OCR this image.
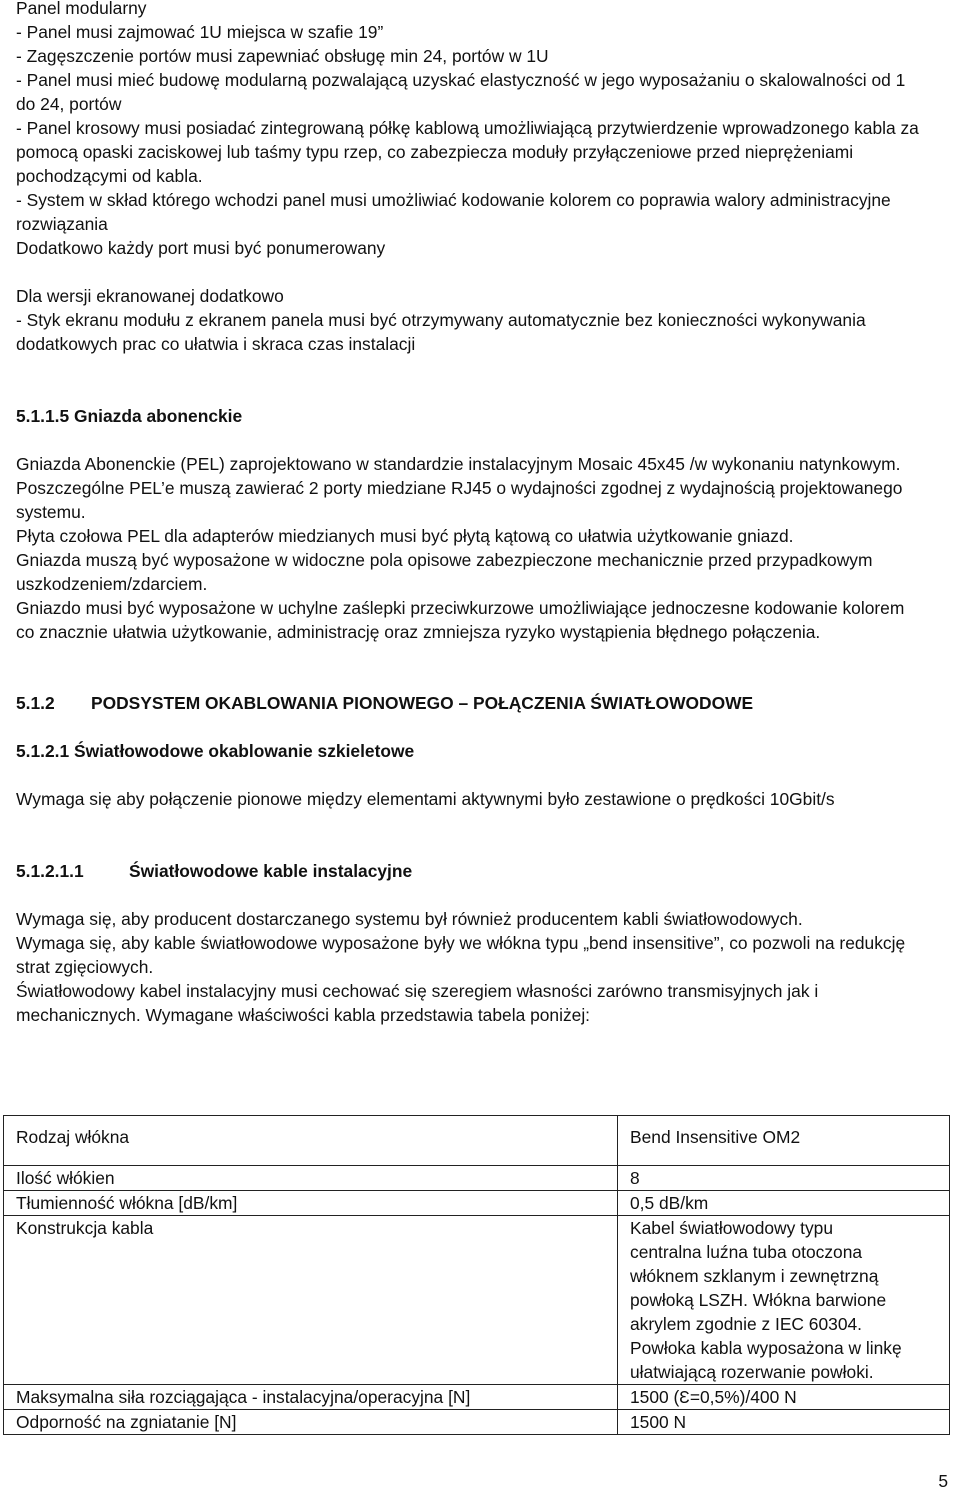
Panel modularny

- Panel musi zajmować 1U miejsca w szafie 19”

- Zagęszczenie portów musi zapewniać obsługę min 24, portów w 1U

- Panel musi mieć budowę modularną pozwalającą uzyskać elastyczność w jego wyposażaniu o skalowalności od 1 do 24, portów

- Panel krosowy musi posiadać zintegrowaną półkę kablową umożliwiającą przytwierdzenie wprowadzonego kabla za pomocą opaski zaciskowej lub taśmy typu rzep, co zabezpiecza moduły przyłączeniowe przed nieprężeniami pochodzącymi od kabla.

- System w skład którego wchodzi panel musi umożliwiać kodowanie kolorem co poprawia walory administracyjne rozwiązania

Dodatkowo każdy port musi być ponumerowany

Dla wersji ekranowanej dodatkowo

- Styk ekranu modułu z ekranem panela musi być otrzymywany automatycznie bez konieczności wykonywania dodatkowych prac co ułatwia i skraca czas instalacji

5.1.1.5 Gniazda abonenckie

Gniazda Abonenckie (PEL) zaprojektowano w standardzie instalacyjnym Mosaic 45x45 /w wykonaniu natynkowym. Poszczególne PEL’e muszą zawierać 2 porty miedziane RJ45 o wydajności zgodnej z wydajnością projektowanego systemu.

Płyta czołowa PEL dla adapterów miedzianych musi być płytą kątową co ułatwia użytkowanie gniazd.

Gniazda muszą być wyposażone w widoczne pola opisowe zabezpieczone mechanicznie przed przypadkowym uszkodzeniem/zdarciem.

Gniazdo musi być wyposażone w uchylne zaślepki przeciwkurzowe umożliwiające jednoczesne kodowanie kolorem co znacznie ułatwia użytkowanie, administrację oraz zmniejsza ryzyko wystąpienia błędnego połączenia.

5.1.2 PODSYSTEM OKABLOWANIA PIONOWEGO – POŁĄCZENIA ŚWIATŁOWODOWE

5.1.2.1 Światłowodowe okablowanie szkieletowe

Wymaga się aby połączenie pionowe między elementami aktywnymi było zestawione o prędkości 10Gbit/s

5.1.2.1.1	Światłowodowe kable instalacyjne

Wymaga się, aby producent dostarczanego systemu był również producentem kabli światłowodowych.

Wymaga się, aby kable światłowodowe wyposażone były we włókna typu „bend insensitive”, co pozwoli na redukcję strat zgięciowych.

Światłowodowy kabel instalacyjny musi cechować się szeregiem własności zarówno transmisyjnych jak i mechanicznych. Wymagane właściwości kabla przedstawia tabela poniżej:

Rodzaj włókna	Bend Insensitive OM2
Ilość włókien	8
Tłumienność włókna [dB/km]	0,5 dB/km
Konstrukcja kabla	Kabel światłowodowy typu centralna luźna tuba otoczona włóknem szklanym i zewnętrzną powłoką LSZH. Włókna barwione akrylem zgodnie z IEC 60304. Powłoka kabla wyposażona w linkę ułatwiającą rozerwanie powłoki.
Maksymalna siła rozciągająca - instalacyjna/operacyjna [N]	1500 (Ɛ=0,5%)/400 N
Odporność na zgniatanie [N]	1500 N
5
